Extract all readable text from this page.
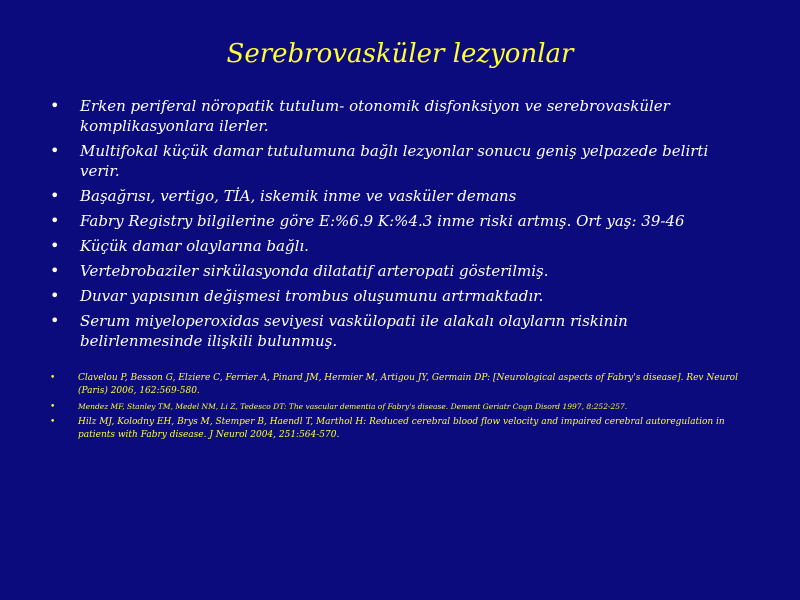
Serebrovasküler lezyonlar
•	Erken periferal nöropatik tutulum- otonomik disfonksiyon ve serebrovasküler komplikasyonlara ilerler.
•	Multifokal küçük damar tutulumuna bağlı lezyonlar sonucu geniş yelpazede belirti verir.
•	Başağrısı, vertigo, TİA, iskemik inme ve vasküler demans
•	Fabry Registry bilgilerine göre E:%6.9 K:%4.3 inme riski artmış. Ort yaş: 39-46
•	Küçük damar olaylarına bağlı.
•	Vertebrobaziler sirkülasyonda dilatatif arteropati gösterilmiş.
•	Duvar yapısının değişmesi trombus oluşumunu artrmaktadır.
•	Serum miyeloperoxidas seviyesi vaskülopati ile alakalı olayların riskinin belirlenmesinde ilişkili bulunmuş.
•	Clavelou P, Besson G, Elziere C, Ferrier A, Pinard JM, Hermier M, Artigou JY, Germain DP: [Neurological aspects of Fabry's disease]. Rev Neurol (Paris) 2006, 162:569-580.
•	Mendez MF, Stanley TM, Medel NM, Li Z, Tedesco DT: The vascular dementia of Fabry's disease. Dement Geriatr Cogn Disord 1997, 8:252-257.
•	Hilz MJ, Kolodny EH, Brys M, Stemper B, Haendl T, Marthol H: Reduced cerebral blood flow velocity and impaired cerebral autoregulation in patients with Fabry disease. J Neurol 2004, 251:564-570.
